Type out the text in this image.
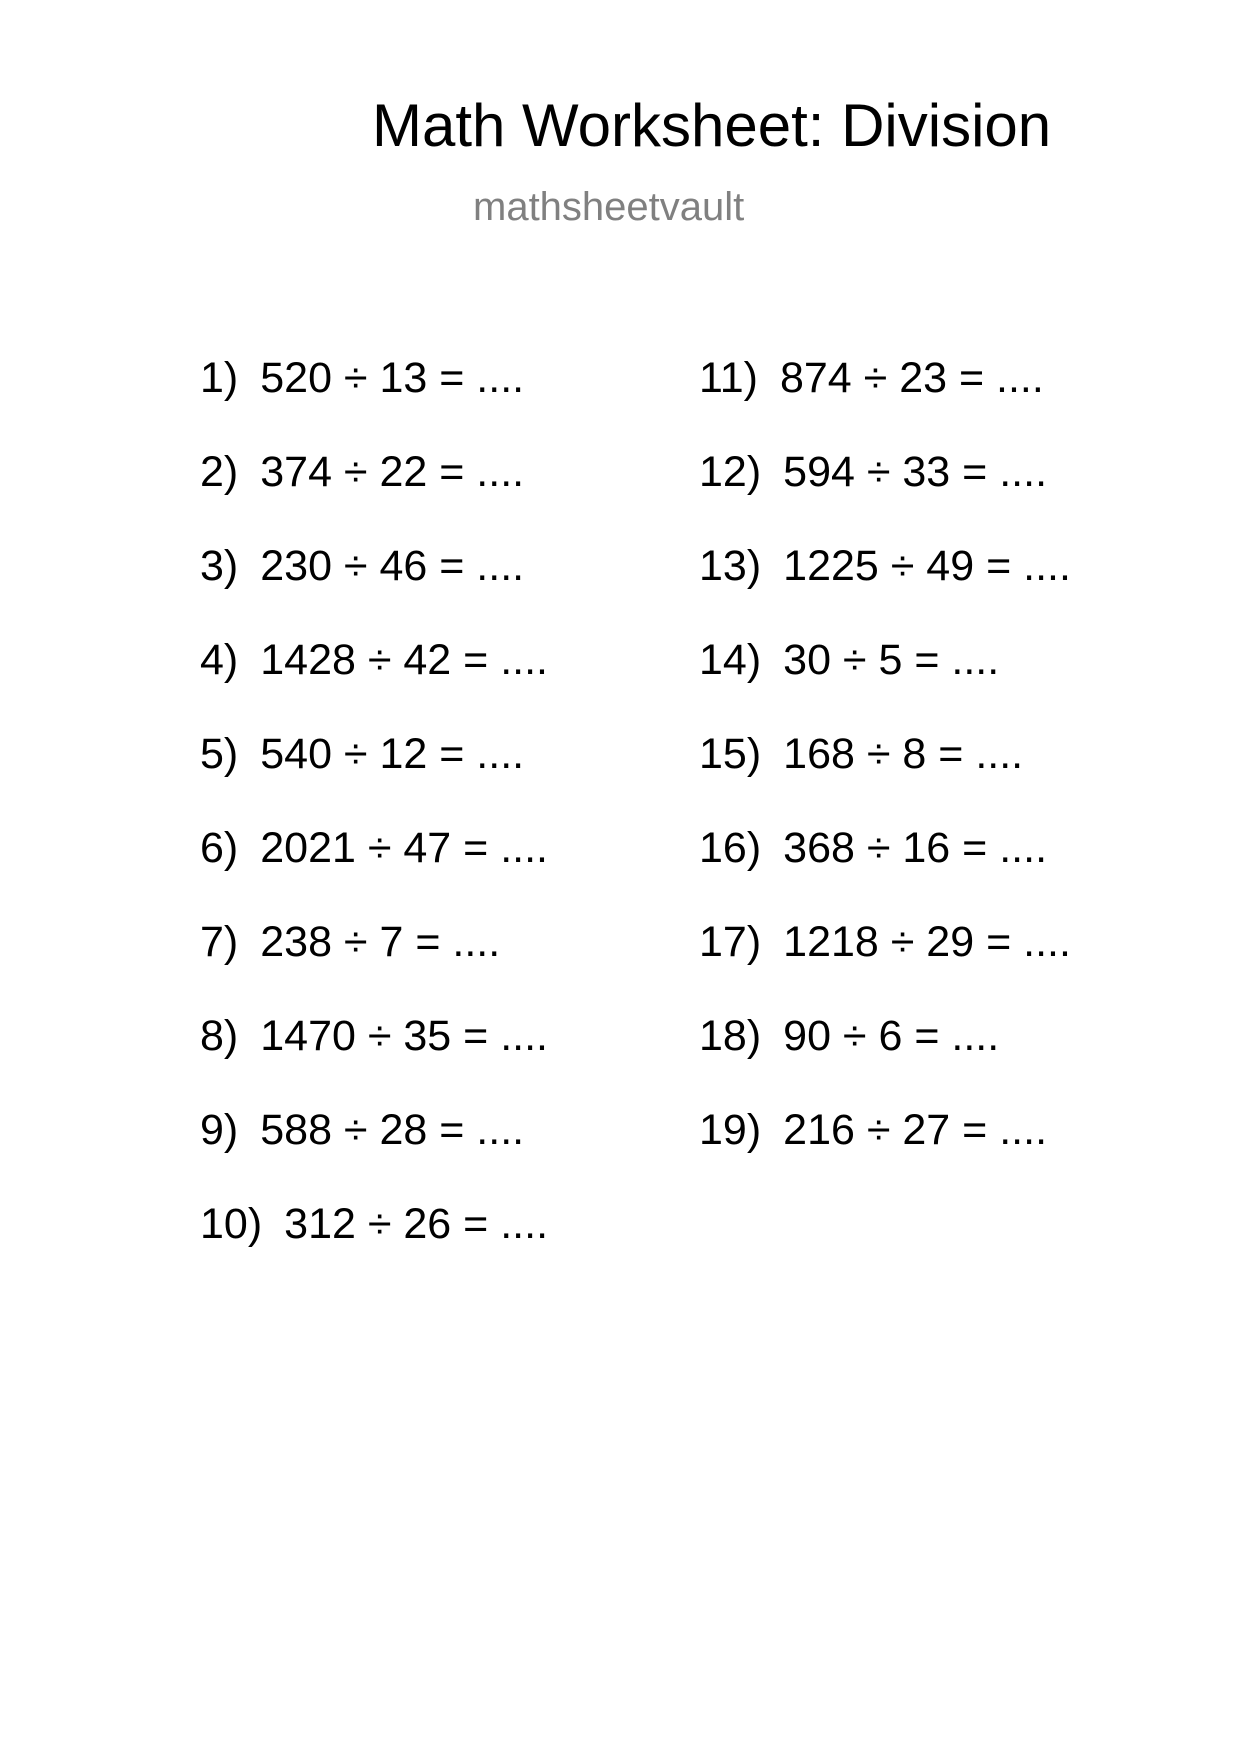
Math Worksheet: Division
mathsheetvault
1) 520 ÷ 13 = ....
2) 374 ÷ 22 = ....
3) 230 ÷ 46 = ....
4) 1428 ÷ 42 = ....
5) 540 ÷ 12 = ....
6) 2021 ÷ 47 = ....
7) 238 ÷ 7 = ....
8) 1470 ÷ 35 = ....
9) 588 ÷ 28 = ....
10) 312 ÷ 26 = ....
11) 874 ÷ 23 = ....
12) 594 ÷ 33 = ....
13) 1225 ÷ 49 = ....
14) 30 ÷ 5 = ....
15) 168 ÷ 8 = ....
16) 368 ÷ 16 = ....
17) 1218 ÷ 29 = ....
18) 90 ÷ 6 = ....
19) 216 ÷ 27 = ....
